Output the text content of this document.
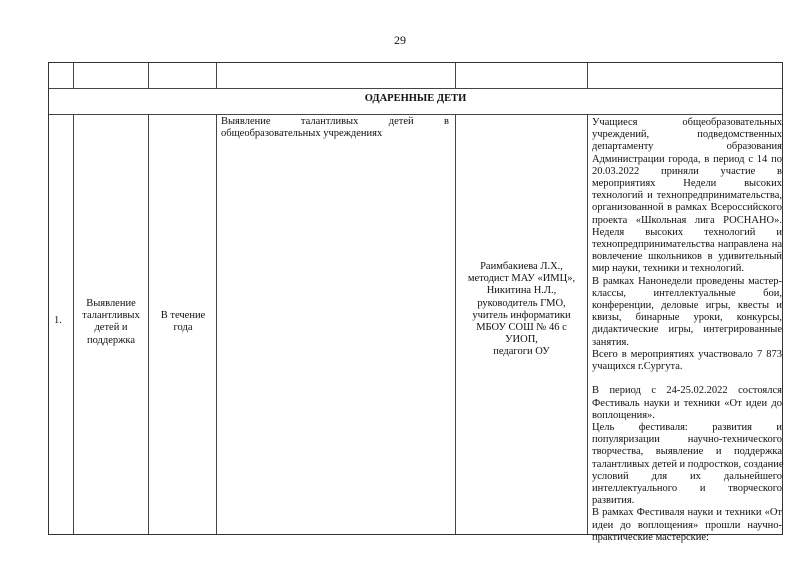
29
ОДАРЕННЫЕ ДЕТИ
1.
Выявление талантливых детей и поддержка
В течение года
Выявление талантливых детей в общеобразовательных учреждениях
Раимбакиева Л.Х.,
методист МАУ «ИМЦ»,
Никитина Н.Л.,
руководитель ГМО,
учитель информатики
МБОУ СОШ № 46 с
УИОП,
педагоги ОУ
Учащиеся общеобразовательных
учреждений, подведомственных
департаменту образования
Администрации города, в период с 14 по
20.03.2022 приняли участие в
мероприятиях Недели высоких
технологий и технопредпринимательства,
организованной в рамках Всероссийского
проекта «Школьная лига РОСНАНО».
Неделя высоких технологий и
технопредпринимательства направлена на
вовлечение школьников в удивительный
мир науки, техники и технологий.
В рамках Нанонедели проведены мастер-
классы, интеллектуальные бои,
конференции, деловые игры, квесты и
квизы, бинарные уроки, конкурсы,
дидактические игры, интегрированные
занятия.
Всего в мероприятиях участвовало 7 873
учащихся г.Сургута.
В период с 24-25.02.2022 состоялся
Фестиваль науки и техники «От идеи до
воплощения».
Цель фестиваля: развития и
популяризации научно-технического
творчества, выявление и поддержка
талантливых детей и подростков, создание
условий для их дальнейшего
интеллектуального и творческого
развития.
В рамках Фестиваля науки и техники «От
идеи до воплощения» прошли научно-
практические мастерские:
